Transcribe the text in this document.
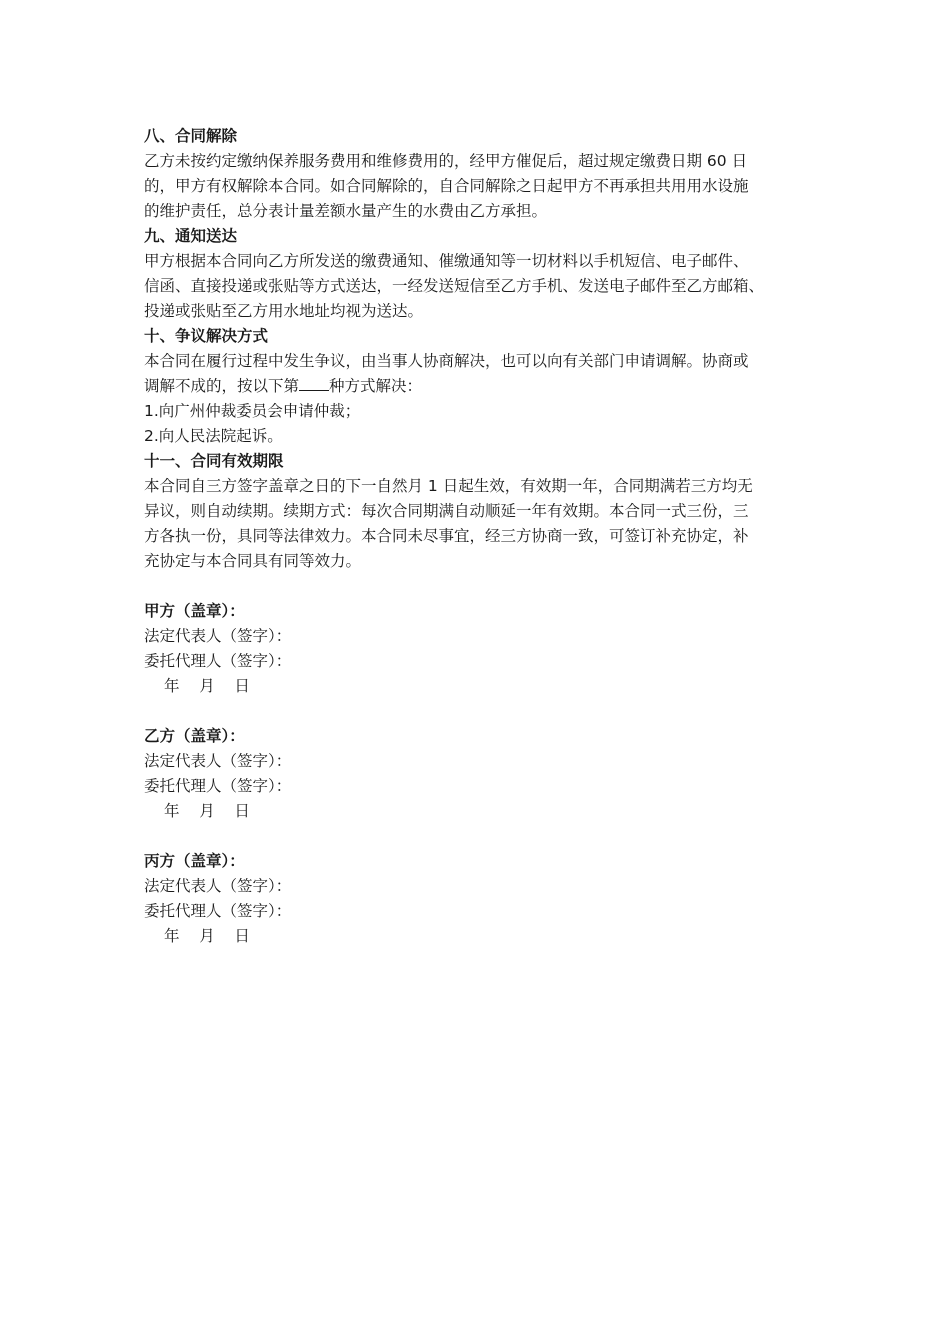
八、合同解除

乙方未按约定缴纳保养服务费用和维修费用的，经甲方催促后，超过规定缴费日期 60 日
的，甲方有权解除本合同。如合同解除的，自合同解除之日起甲方不再承担共用用水设施
的维护责任，总分表计量差额水量产生的水费由乙方承担。

九、通知送达

甲方根据本合同向乙方所发送的缴费通知、催缴通知等一切材料以手机短信、电子邮件、
信函、直接投递或张贴等方式送达，一经发送短信至乙方手机、发送电子邮件至乙方邮箱、
投递或张贴至乙方用水地址均视为送达。

十、争议解决方式

本合同在履行过程中发生争议，由当事人协商解决，也可以向有关部门申请调解。协商或
调解不成的，按以下第 种方式解决：
1.向广州仲裁委员会申请仲裁；
2.向人民法院起诉。

十一、合同有效期限

本合同自三方签字盖章之日的下一自然月 1 日起生效，有效期一年，合同期满若三方均无
异议，则自动续期。续期方式：每次合同期满自动顺延一年有效期。本合同一式三份，三
方各执一份，具同等法律效力。本合同未尽事宜，经三方协商一致，可签订补充协定，补
充协定与本合同具有同等效力。
甲方（盖章）：
法定代表人（签字）：
委托代理人（签字）：
年    月    日
乙方（盖章）：
法定代表人（签字）：
委托代理人（签字）：
年    月    日
丙方（盖章）：
法定代表人（签字）：
委托代理人（签字）：
年    月    日
